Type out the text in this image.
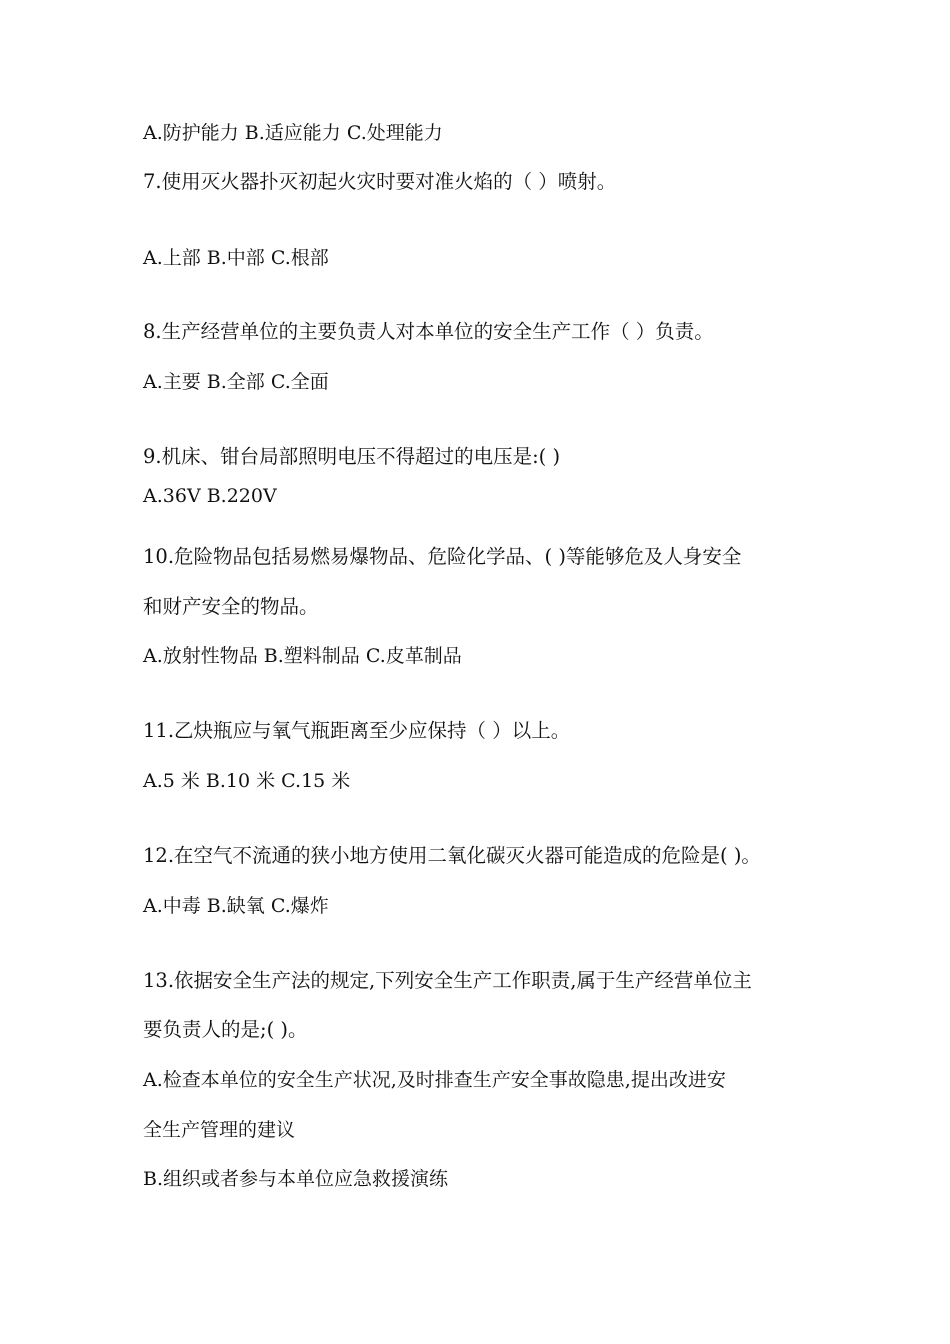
A.防护能力 B.适应能力 C.处理能力
7.使用灭火器扑灭初起火灾时要对准火焰的（ ）喷射。
A.上部 B.中部 C.根部
8.生产经营单位的主要负责人对本单位的安全生产工作（ ）负责。
A.主要 B.全部 C.全面
9.机床、钳台局部照明电压不得超过的电压是:( )
A.36V B.220V
10.危险物品包括易燃易爆物品、危险化学品、( )等能够危及人身安全
和财产安全的物品。
A.放射性物品 B.塑料制品 C.皮革制品
11.乙炔瓶应与氧气瓶距离至少应保持（ ）以上。
A.5 米 B.10 米 C.15 米
12.在空气不流通的狭小地方使用二氧化碳灭火器可能造成的危险是( )。
A.中毒 B.缺氧 C.爆炸
13.依据安全生产法的规定,下列安全生产工作职责,属于生产经营单位主
要负责人的是;( )。
A.检查本单位的安全生产状况,及时排查生产安全事故隐患,提出改进安
全生产管理的建议
B.组织或者参与本单位应急救援演练
